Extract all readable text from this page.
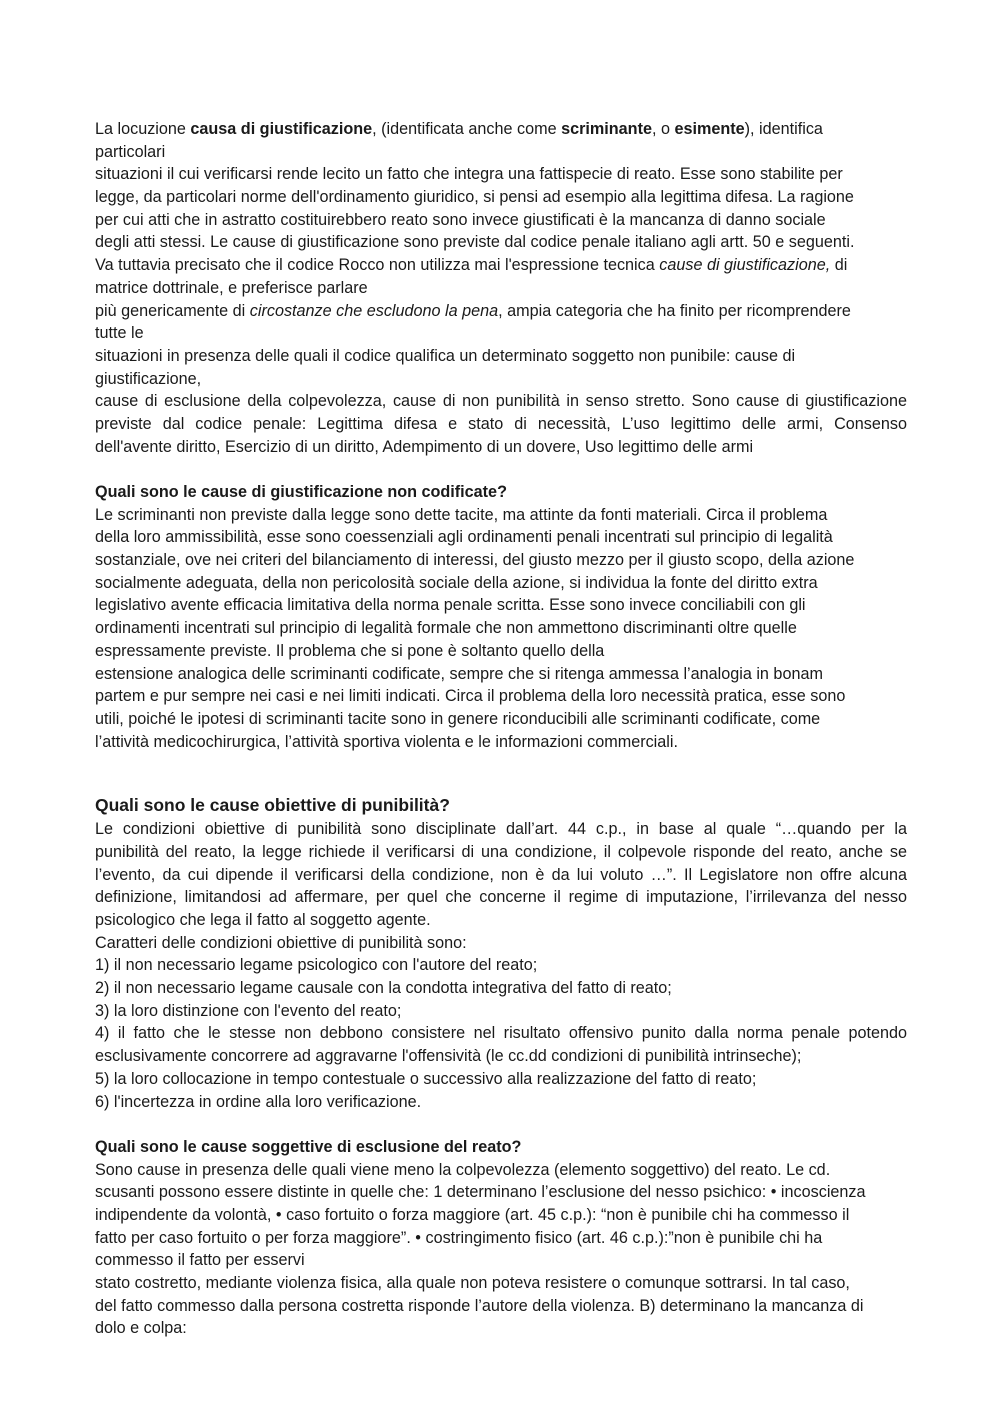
La locuzione causa di giustificazione, (identificata anche come scriminante, o esimente), identifica
particolari
situazioni il cui verificarsi rende lecito un fatto che integra una fattispecie di reato. Esse sono stabilite per
legge, da particolari norme dell'ordinamento giuridico, si pensi ad esempio alla legittima difesa. La ragione
per cui atti che in astratto costituirebbero reato sono invece giustificati è la mancanza di danno sociale
degli atti stessi. Le cause di giustificazione sono previste dal codice penale italiano agli artt. 50 e seguenti.
Va tuttavia precisato che il codice Rocco non utilizza mai l'espressione tecnica cause di giustificazione, di
matrice dottrinale, e preferisce parlare
più genericamente di circostanze che escludono la pena, ampia categoria che ha finito per ricomprendere
tutte le
situazioni in presenza delle quali il codice qualifica un determinato soggetto non punibile: cause di
giustificazione,
cause di esclusione della colpevolezza, cause di non punibilità in senso stretto. Sono cause di giustificazione
previste dal codice penale: Legittima difesa e stato di necessità, L’uso legittimo delle armi, Consenso
dell'avente diritto, Esercizio di un diritto, Adempimento di un dovere, Uso legittimo delle armi
Quali sono le cause di giustificazione non codificate?
Le scriminanti non previste dalla legge sono dette tacite, ma attinte da fonti materiali. Circa il problema
della loro ammissibilità, esse sono coessenziali agli ordinamenti penali incentrati sul principio di legalità
sostanziale, ove nei criteri del bilanciamento di interessi, del giusto mezzo per il giusto scopo, della azione
socialmente adeguata, della non pericolosità sociale della azione, si individua la fonte del diritto extra
legislativo avente efficacia limitativa della norma penale scritta. Esse sono invece conciliabili con gli
ordinamenti incentrati sul principio di legalità formale che non ammettono discriminanti oltre quelle
espressamente previste. Il problema che si pone è soltanto quello della
estensione analogica delle scriminanti codificate, sempre che si ritenga ammessa l’analogia in bonam
partem e pur sempre nei casi e nei limiti indicati. Circa il problema della loro necessità pratica, esse sono
utili, poiché le ipotesi di scriminanti tacite sono in genere riconducibili alle scriminanti codificate, come
l’attività medicochirurgica, l’attività sportiva violenta e le informazioni commerciali.
Quali sono le cause obiettive di punibilità?
Le condizioni obiettive di punibilità sono disciplinate dall’art. 44 c.p., in base al quale “…quando per la
punibilità del reato, la legge richiede il verificarsi di una condizione, il colpevole risponde del reato, anche se
l’evento, da cui dipende il verificarsi della condizione, non è da lui voluto …”. Il Legislatore non offre alcuna
definizione, limitandosi ad affermare, per quel che concerne il regime di imputazione, l’irrilevanza del nesso
psicologico che lega il fatto al soggetto agente.
Caratteri delle condizioni obiettive di punibilità sono:
1) il non necessario legame psicologico con l'autore del reato;
2) il non necessario legame causale con la condotta integrativa del fatto di reato;
3) la loro distinzione con l'evento del reato;
4) il fatto che le stesse non debbono consistere nel risultato offensivo punito dalla norma penale potendo
esclusivamente concorrere ad aggravarne l'offensività (le cc.dd condizioni di punibilità intrinseche);
5) la loro collocazione in tempo contestuale o successivo alla realizzazione del fatto di reato;
6) l'incertezza in ordine alla loro verificazione.
Quali sono le cause soggettive di esclusione del reato?
Sono cause in presenza delle quali viene meno la colpevolezza (elemento soggettivo) del reato. Le cd.
scusanti possono essere distinte in quelle che: 1 determinano l’esclusione del nesso psichico: • incoscienza
indipendente da volontà, • caso fortuito o forza maggiore (art. 45 c.p.): “non è punibile chi ha commesso il
fatto per caso fortuito o per forza maggiore”. • costringimento fisico (art. 46 c.p.):”non è punibile chi ha
commesso il fatto per esservi
stato costretto, mediante violenza fisica, alla quale non poteva resistere o comunque sottrarsi. In tal caso,
del fatto commesso dalla persona costretta risponde l’autore della violenza. B) determinano la mancanza di
dolo e colpa:
